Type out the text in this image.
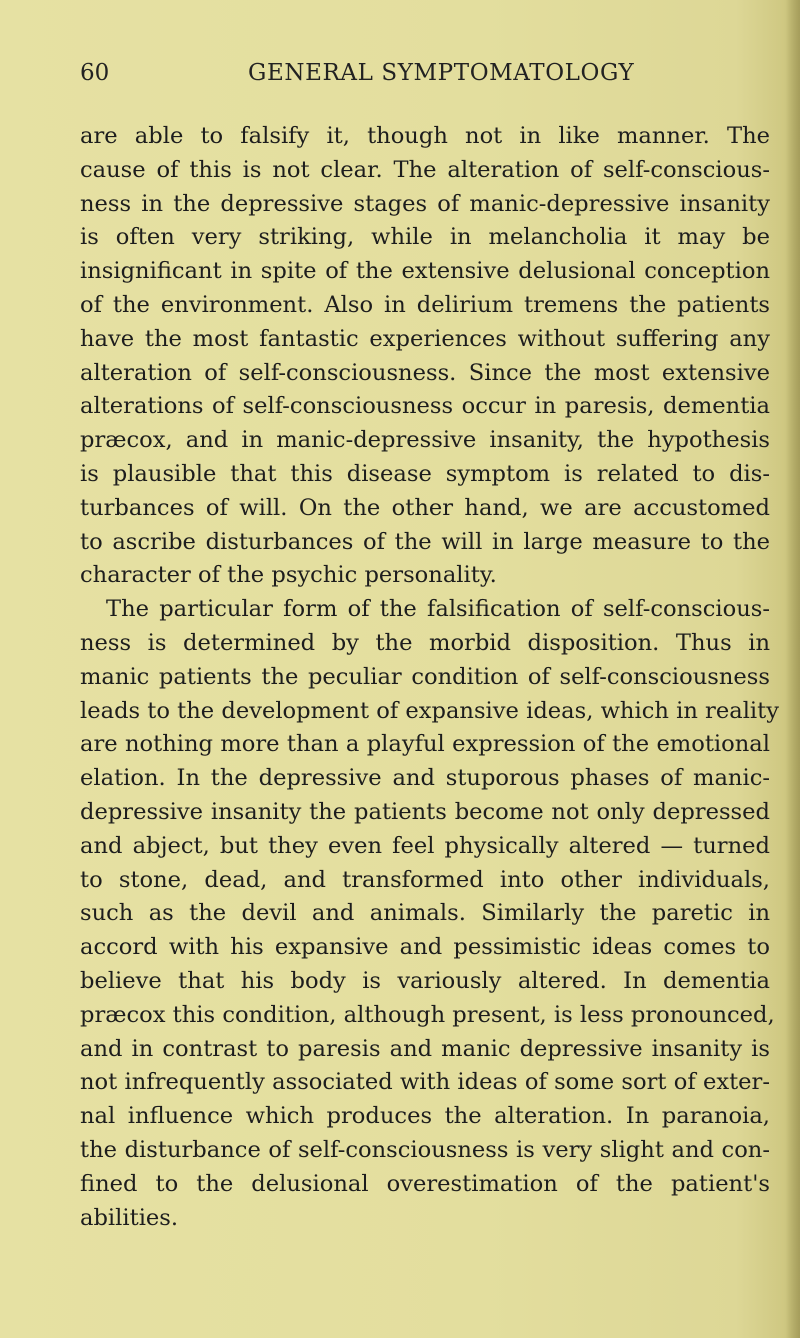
60	GENERAL SYMPTOMATOLOGY
are able to falsify it, though not in like manner. The
cause of this is not clear. The alteration of self-conscious-
ness in the depressive stages of manic-depressive insanity
is often very striking, while in melancholia it may be
insignificant in spite of the extensive delusional conception
of the environment. Also in delirium tremens the patients
have the most fantastic experiences without suffering any
alteration of self-consciousness. Since the most extensive
alterations of self-consciousness occur in paresis, dementia
præcox, and in manic-depressive insanity, the hypothesis
is plausible that this disease symptom is related to dis-
turbances of will. On the other hand, we are accustomed
to ascribe disturbances of the will in large measure to the
character of the psychic personality.
The particular form of the falsification of self-conscious-
ness is determined by the morbid disposition. Thus in
manic patients the peculiar condition of self-consciousness
leads to the development of expansive ideas, which in reality
are nothing more than a playful expression of the emotional
elation. In the depressive and stuporous phases of manic-
depressive insanity the patients become not only depressed
and abject, but they even feel physically altered — turned
to stone, dead, and transformed into other individuals,
such as the devil and animals. Similarly the paretic in
accord with his expansive and pessimistic ideas comes to
believe that his body is variously altered. In dementia
præcox this condition, although present, is less pronounced,
and in contrast to paresis and manic depressive insanity is
not infrequently associated with ideas of some sort of exter-
nal influence which produces the alteration. In paranoia,
the disturbance of self-consciousness is very slight and con-
fined to the delusional overestimation of the patient's
abilities.
